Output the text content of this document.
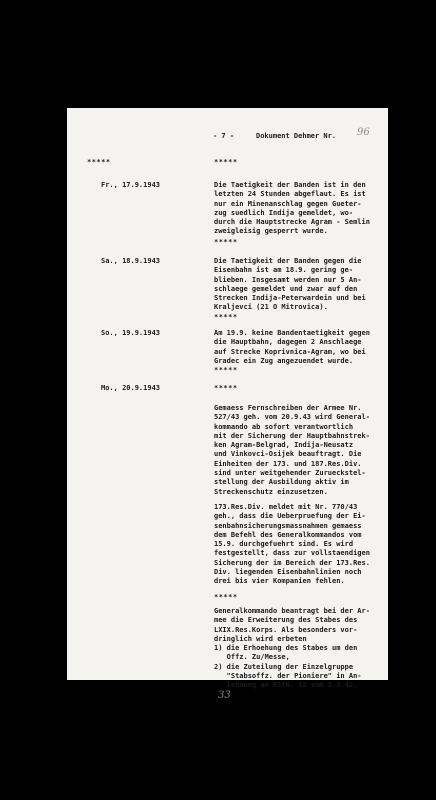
- 7 -	Dokument Dehmer Nr. 96
*****	*****
Fr., 17.9.1943	Die Taetigkeit der Banden ist in den
letzten 24 Stunden abgeflaut. Es ist
nur ein Minenanschlag gegen Gueter-
zug suedlich Indija gemeldet, wo-
durch die Hauptstrecke Agram - Semlin
zweigleisig gesperrt wurde.
*****
Sa., 18.9.1943	Die Taetigkeit der Banden gegen die
Eisenbahn ist am 18.9. gering ge-
blieben. Insgesamt werden nur 5 An-
schlaege gemeldet und zwar auf den
Strecken Indija-Peterwardein und bei
Kraljevci (21 O Mitrovica).
*****
So., 19.9.1943	Am 19.9. keine Bandentaetigkeit gegen
die Hauptbahn, dagegen 2 Anschlaege
auf Strecke Koprivnica-Agram, wo bei
Gradec ein Zug angezuendet wurde.
*****
Mo., 20.9.1943	*****
Gemaess Fernschreiben der Armee Nr.
527/43 geh. vom 20.9.43 wird General-
kommando ab sofort verantwortlich
mit der Sicherung der Hauptbahnstrek-
ken Agram-Belgrad, Indija-Neusatz
und Vinkovci-Osijek beauftragt. Die
Einheiten der 173. und 187.Res.Div.
sind unter weitgehender Zurueckstel-
stellung der Ausbildung aktiv im
Streckenschutz einzusetzen.
173.Res.Div. meldet mit Nr. 770/43
geh., dass die Ueberpruefung der Ei-
senbahnsicherungsmassnahmen gemaess
dem Befehl des Generalkommandos vom
15.9. durchgefuehrt sind. Es wird
festgestellt, dass zur vollstaendigen
Sicherung der im Bereich der 173.Res.
Div. liegenden Eisenbahnlinien noch
drei bis vier Kompanien fehlen.
*****
Generalkommando beantragt bei der Ar-
mee die Erweiterung des Stabes des
LXIX.Res.Korps. Als besonders vor-
dringlich wird erbeten
1) die Erhoehung des Stabes um den
Offz. Zu/Messe,
2) die Zuteilung der Einzelgruppe
"Stabsoffz. der Pioniere" in An-
lehnung an KStN. 12 vom 1.3.42,
33
